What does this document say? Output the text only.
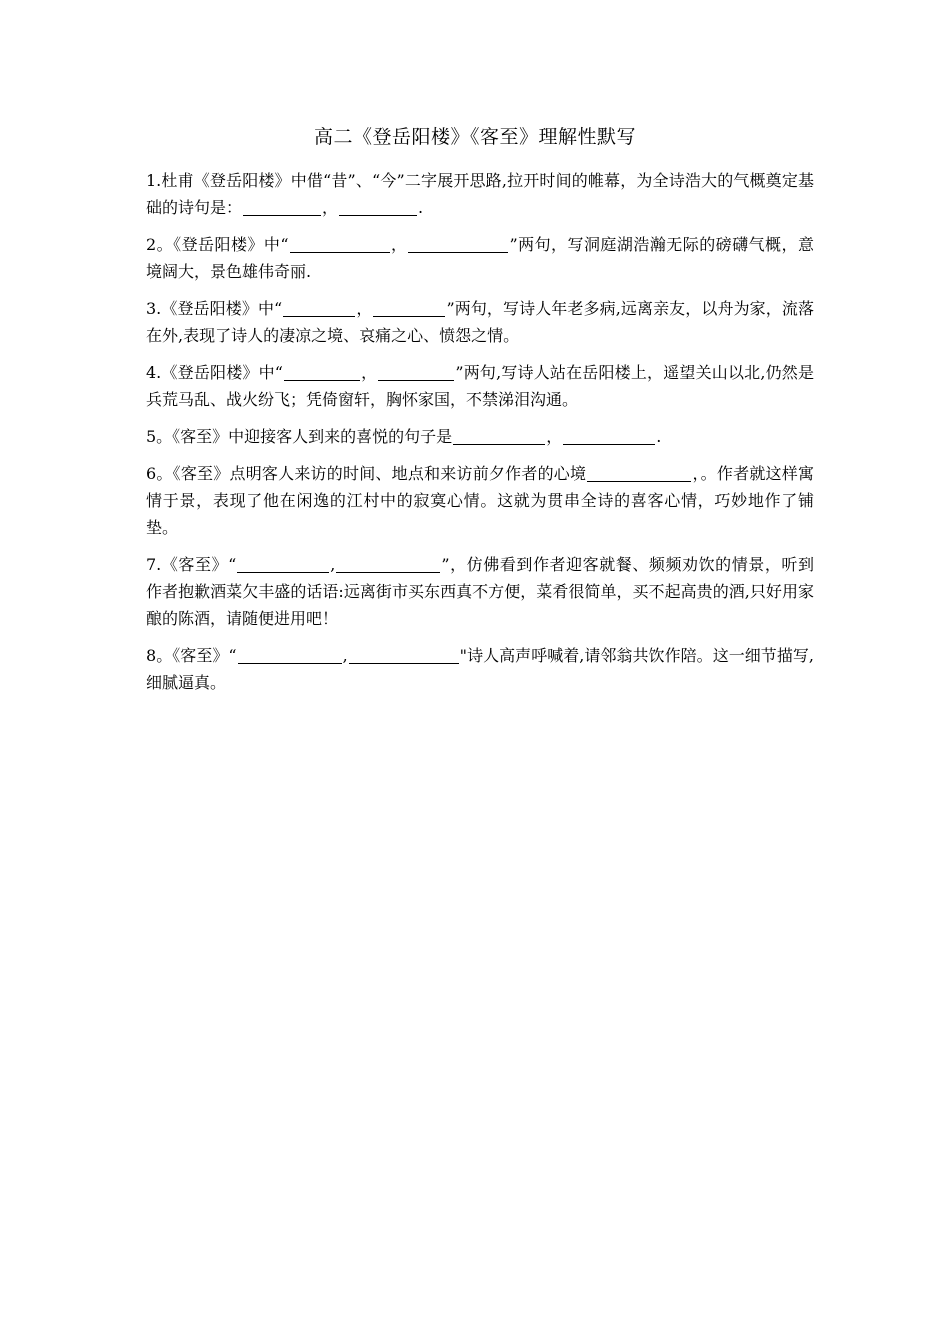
高二《登岳阳楼》《客至》理解性默写

1.杜甫《登岳阳楼》中借“昔”、“今”二字展开思路,拉开时间的帷幕，为全诗浩大的气概奠定基础的诗句是：	，	.

2。《登岳阳楼》中“	，	”两句，写洞庭湖浩瀚无际的磅礴气概，意境阔大，景色雄伟奇丽.

3.《登岳阳楼》中“	，	”两句，写诗人年老多病,远离亲友，以舟为家，流落在外,表现了诗人的凄凉之境、哀痛之心、愤怨之情。

4.《登岳阳楼》中“	，	”两句,写诗人站在岳阳楼上，遥望关山以北,仍然是兵荒马乱、战火纷飞；凭倚窗轩，胸怀家国，不禁涕泪沟通。

5。《客至》中迎接客人到来的喜悦的句子是	，	.

6。《客至》点明客人来访的时间、地点和来访前夕作者的心境	，。作者就这样寓情于景，表现了他在闲逸的江村中的寂寞心情。这就为贯串全诗的喜客心情，巧妙地作了铺垫。

7.《客至》“	,	”，仿佛看到作者迎客就餐、频频劝饮的情景，听到作者抱歉酒菜欠丰盛的话语:远离街市买东西真不方便，菜肴很简单，买不起高贵的酒,只好用家酿的陈酒，请随便进用吧！

8。《客至》“	,	"诗人高声呼喊着,请邻翁共饮作陪。这一细节描写,细腻逼真。
